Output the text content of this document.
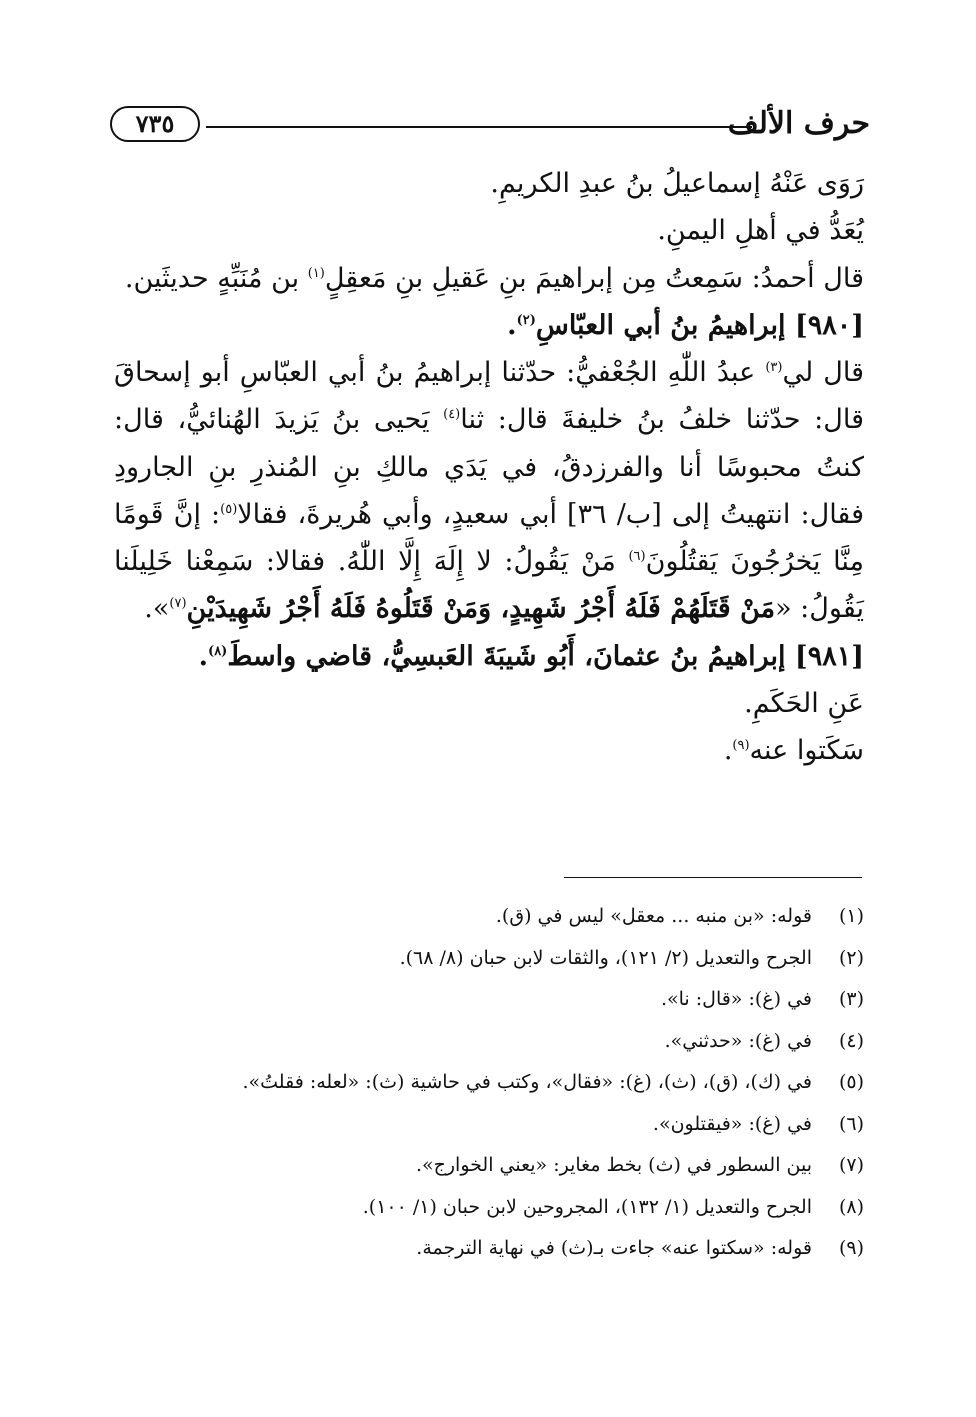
حرف الألف
٧٣٥

رَوَى عَنْهُ إسماعيلُ بنُ عبدِ الكريمِ.

يُعَدُّ في أهلِ اليمنِ.

قال أحمدُ: سَمِعتُ مِن إبراهيمَ بنِ عَقيلِ بنِ مَعقِلٍ$^{(١)}$ بن مُنَبِّهٍ حديثَين.

[٩٨٠] إبراهيمُ بنُ أبي العبّاسِ$^{(٢)}$.

قال لي$^{(٣)}$ عبدُ اللّٰهِ الجُعْفيُّ: حدّثنا إبراهيمُ بنُ أبي العبّاسِ أبو إسحاقَ قال: حدّثنا خلفُ بنُ خليفةَ قال: ثنا$^{(٤)}$ يَحيى بنُ يَزيدَ الهُنائيُّ، قال: كنتُ محبوسًا أنا والفرزدقُ، في يَدَي مالكِ بنِ المُنذرِ بنِ الجارودِ فقال: انتهيتُ إلى [ب/ ٣٦] أبي سعيدٍ، وأبي هُريرةَ، فقالا$^{(٥)}$: إنَّ قَومًا مِنَّا يَخرُجُونَ يَقتُلُونَ$^{(٦)}$ مَنْ يَقُولُ: لا إِلَهَ إِلَّا اللّٰهُ. فقالا: سَمِعْنا خَلِيلَنا يَقُولُ: «مَنْ قَتَلَهُمْ فَلَهُ أَجْرُ شَهِيدٍ، وَمَنْ قَتَلُوهُ فَلَهُ أَجْرُ شَهِيدَيْنِ$^{(٧)}$».

[٩٨١] إبراهيمُ بنُ عثمانَ، أَبُو شَيبَةَ العَبسِيُّ، قاضي واسطَ$^{(٨)}$.

عَنِ الحَكَمِ.

سَكَتوا عنه$^{(٩)}$.

(١)
قوله: «بن منبه ... معقل» ليس في (ق).
(٢)
الجرح والتعديل (٢/ ١٢١)، والثقات لابن حبان (٨/ ٦٨).
(٣)
في (غ): «قال: نا».
(٤)
في (غ): «حدثني».
(٥)
في (ك)، (ق)، (ث)، (غ): «فقال»، وكتب في حاشية (ث): «لعله: فقلتُ».
(٦)
في (غ): «فيقتلون».
(٧)
بين السطور في (ث) بخط مغاير: «يعني الخوارج».
(٨)
الجرح والتعديل (١/ ١٣٢)، المجروحين لابن حبان (١/ ١٠٠).
(٩)
قوله: «سكتوا عنه» جاءت بـ(ث) في نهاية الترجمة.
